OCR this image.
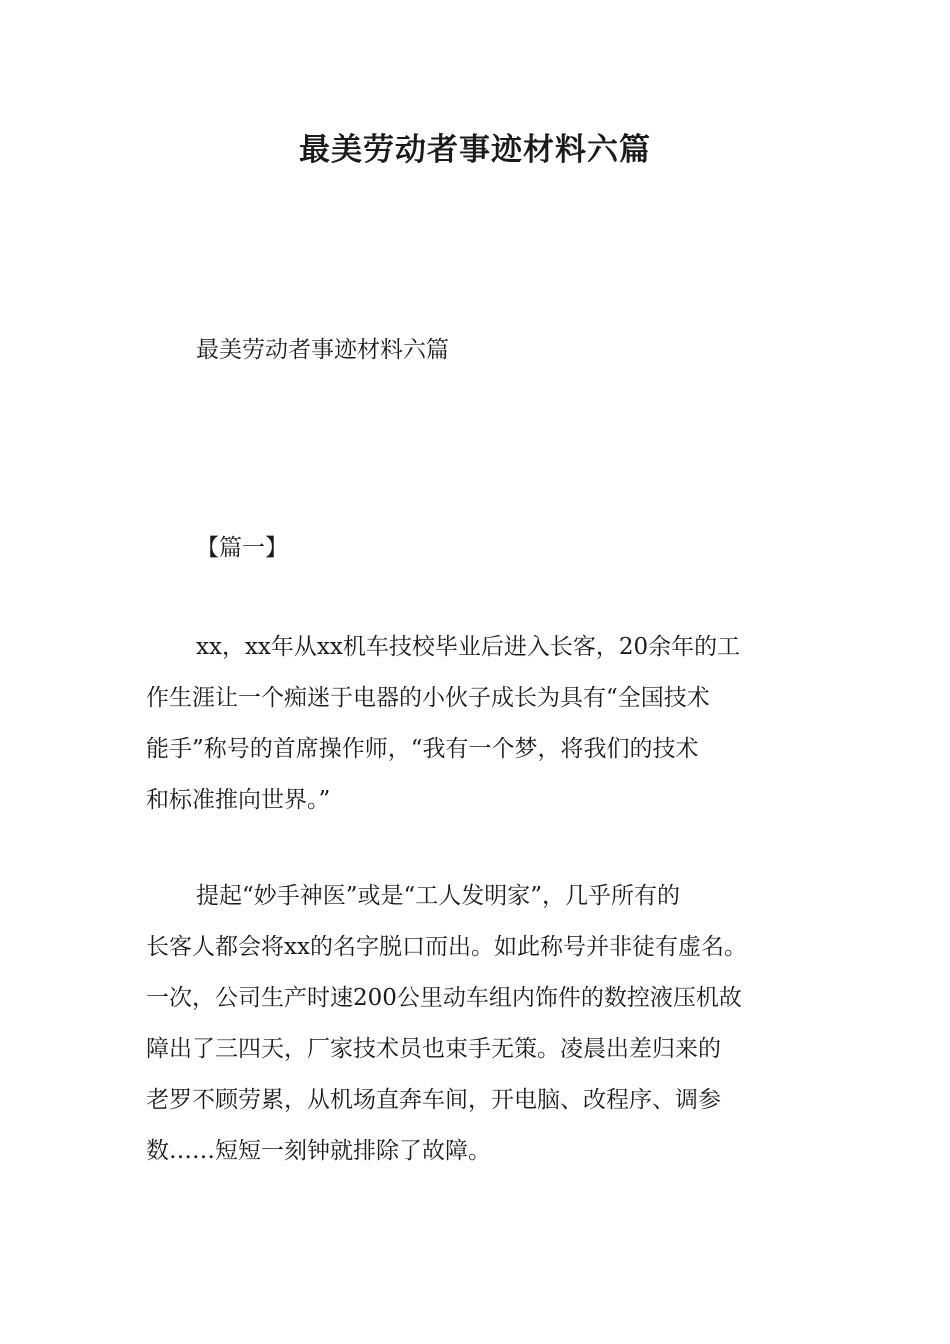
最美劳动者事迹材料六篇

最美劳动者事迹材料六篇

【篇一】

xx，xx年从xx机车技校毕业后进入长客，20余年的工
作生涯让一个痴迷于电器的小伙子成长为具有“全国技术
能手”称号的首席操作师，“我有一个梦，将我们的技术
和标准推向世界。”
提起“妙手神医”或是“工人发明家”，几乎所有的
长客人都会将xx的名字脱口而出。如此称号并非徒有虚名。
一次，公司生产时速200公里动车组内饰件的数控液压机故
障出了三四天，厂家技术员也束手无策。凌晨出差归来的
老罗不顾劳累，从机场直奔车间，开电脑、改程序、调参
数……短短一刻钟就排除了故障。
